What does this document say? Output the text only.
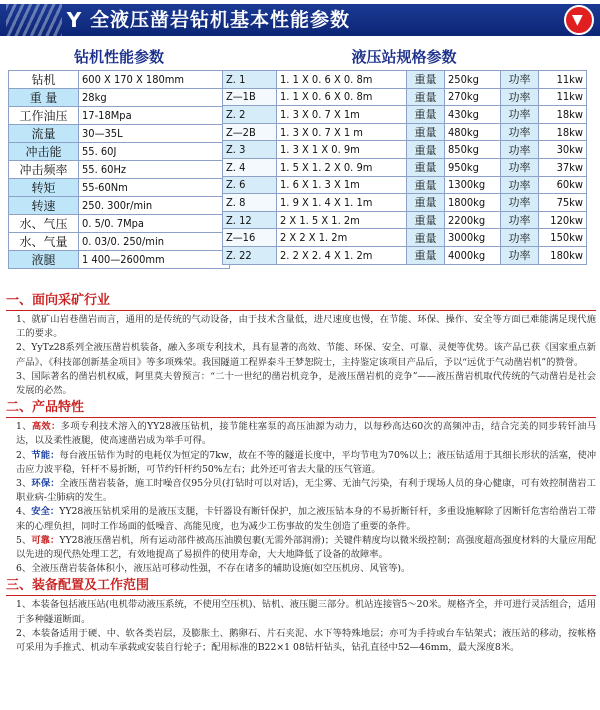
Y 全液压凿岩钻机基本性能参数	▼
钻机性能参数	液压站规格参数
钻机	600 X 170 X 180mm
重 量	28kg
工作油压	17-18Mpa
流量	30—35L
冲击能	55. 60J
冲击频率	55. 60Hz
转矩	55-60Nm
转速	250. 300r/min
水、气压	0. 5/0. 7Mpa
水、气量	0. 03/0. 250/min
液腿	1 400—2600mm
Z. 1	1. 1 X 0. 6 X 0. 8m	重量	250kg	功率	11kw
Z—1B	1. 1 X 0. 6 X 0. 8m	重量	270kg	功率	11kw
Z. 2	1. 3 X 0. 7 X 1m	重量	430kg	功率	18kw
Z—2B	1. 3 X 0. 7 X 1 m	重量	480kg	功率	18kw
Z. 3	1. 3 X 1 X 0. 9m	重量	850kg	功率	30kw
Z. 4	1. 5 X 1. 2 X 0. 9m	重量	950kg	功率	37kw
Z. 6	1. 6 X 1. 3 X 1m	重量	1300kg	功率	60kw
Z. 8	1. 9 X 1. 4 X 1. 1m	重量	1800kg	功率	75kw
Z. 12	2 X 1. 5 X 1. 2m	重量	2200kg	功率	120kw
Z—16	2 X 2 X 1. 2m	重量	3000kg	功率	150kw
Z. 22	2. 2 X 2. 4 X 1. 2m	重量	4000kg	功率	180kw
一、面向采矿行业
1、就矿山岩巷凿岩而言，通用的是传统的气动设备，由于技术含量低，进尺速度也慢，在节能、环保、操作、安全等方面已难能满足现代施工的要求。
2、YyTz28系列全液压凿岩机装备，融入多项专利技术，具有显著的高效、节能、环保、安全、可靠、灵便等优势。该产品已获《国家重点新产品》、《科技部创新基金项目》等多项殊荣。我国隧道工程界泰斗王梦恕院士，主持鉴定该项目产品后，予以“远优于气动凿岩机”的赞誉。
3、国际著名的凿岩机权威，阿里莫夫曾预言：“二十一世纪的凿岩机竞争，是液压凿岩机的竞争”——液压凿岩机取代传统的气动凿岩是社会发展的必然。
二、产品特性
1、高效：多项专利技术溶入的YY28液压钻机，接节能柱塞泵的高压油源为动力，以每秒高达60次的高频冲击，结合完美的同步转钎油马达，以及柔性液腿，使高速凿岩成为举手可得。
2、节能：每台液压钻作为时的电耗仅为恒定的7kw，故在不等的隧道长度中，平均节电为70%以上；液压钻适用于其细长形状的活塞，使冲击应力波平稳，钎杆不易折断，可节约钎杆约50%左右；此外还可省去大量的压气管道。
3、环保：全液压凿岩装备，施工时噪音仅95分贝(打钻时可以对话)，无尘雾、无油气污染，有利于现场人员的身心健康，可有效控制凿岩工职业病-尘肺病的发生。
4、安全：YY28液压钻机采用的是液压支腿，卡钎器设有断钎保护，加之液压钻本身的不易折断钎杆，多重设施解除了因断钎危害给凿岩工带来的心理负担，同时工作场面的低噪音、高能见度，也为减少工伤事故的发生创造了重要的条件。
5、可靠：YY28液压凿岩机，所有运动部件被高压油膜包裹(无需外部润滑)；关键件精度均以微米级控制；高强度超高强度材料的大量应用配以先进的现代热处理工艺，有效地提高了易损件的使用寿命，大大地降低了设备的故障率。
6、全液压凿岩装备体积小，液压站可移动性强，不存在诸多的辅助设施(如空压机房、风管等)。
三、装备配置及工作范围
1、本装备包括液压站(电机带动液压系统，不使用空压机)、钻机、液压腿三部分。机站连接管5～20米。规格齐全，并可进行灵活组合，适用于多种隧道断面。
2、本装备适用于硬、中、软各类岩层，及膨胀土、鹅卵石、片石夹泥、水下等特殊地层；亦可为手持或台车钻架式；液压站的移动，按帐格可采用为手推式、机动车承载或安装自行轮子；配用标准的B22×1 08钻杆钻头，钻孔直径中52—46mm，最大深度8米。
